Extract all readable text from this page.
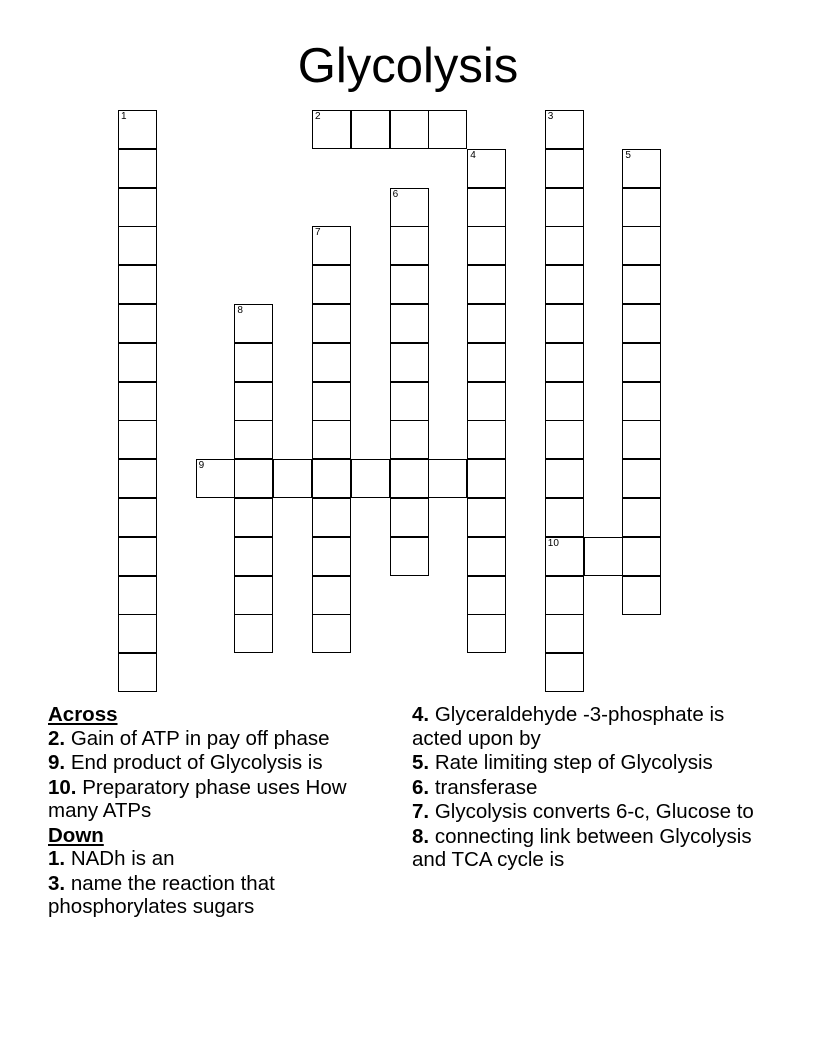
Glycolysis
1	2	3
10
4	5
6
7
8
9
Across
2. Gain of ATP in pay off phase
9. End product of Glycolysis is
10. Preparatory phase uses How many ATPs
Down
1. NADh is an
3. name the reaction that phosphorylates sugars
4. Glyceraldehyde -3-phosphate is acted upon by
5. Rate limiting step of Glycolysis
6. transferase
7. Glycolysis converts 6-c, Glucose to
8. connecting link between Glycolysis and TCA cycle is
